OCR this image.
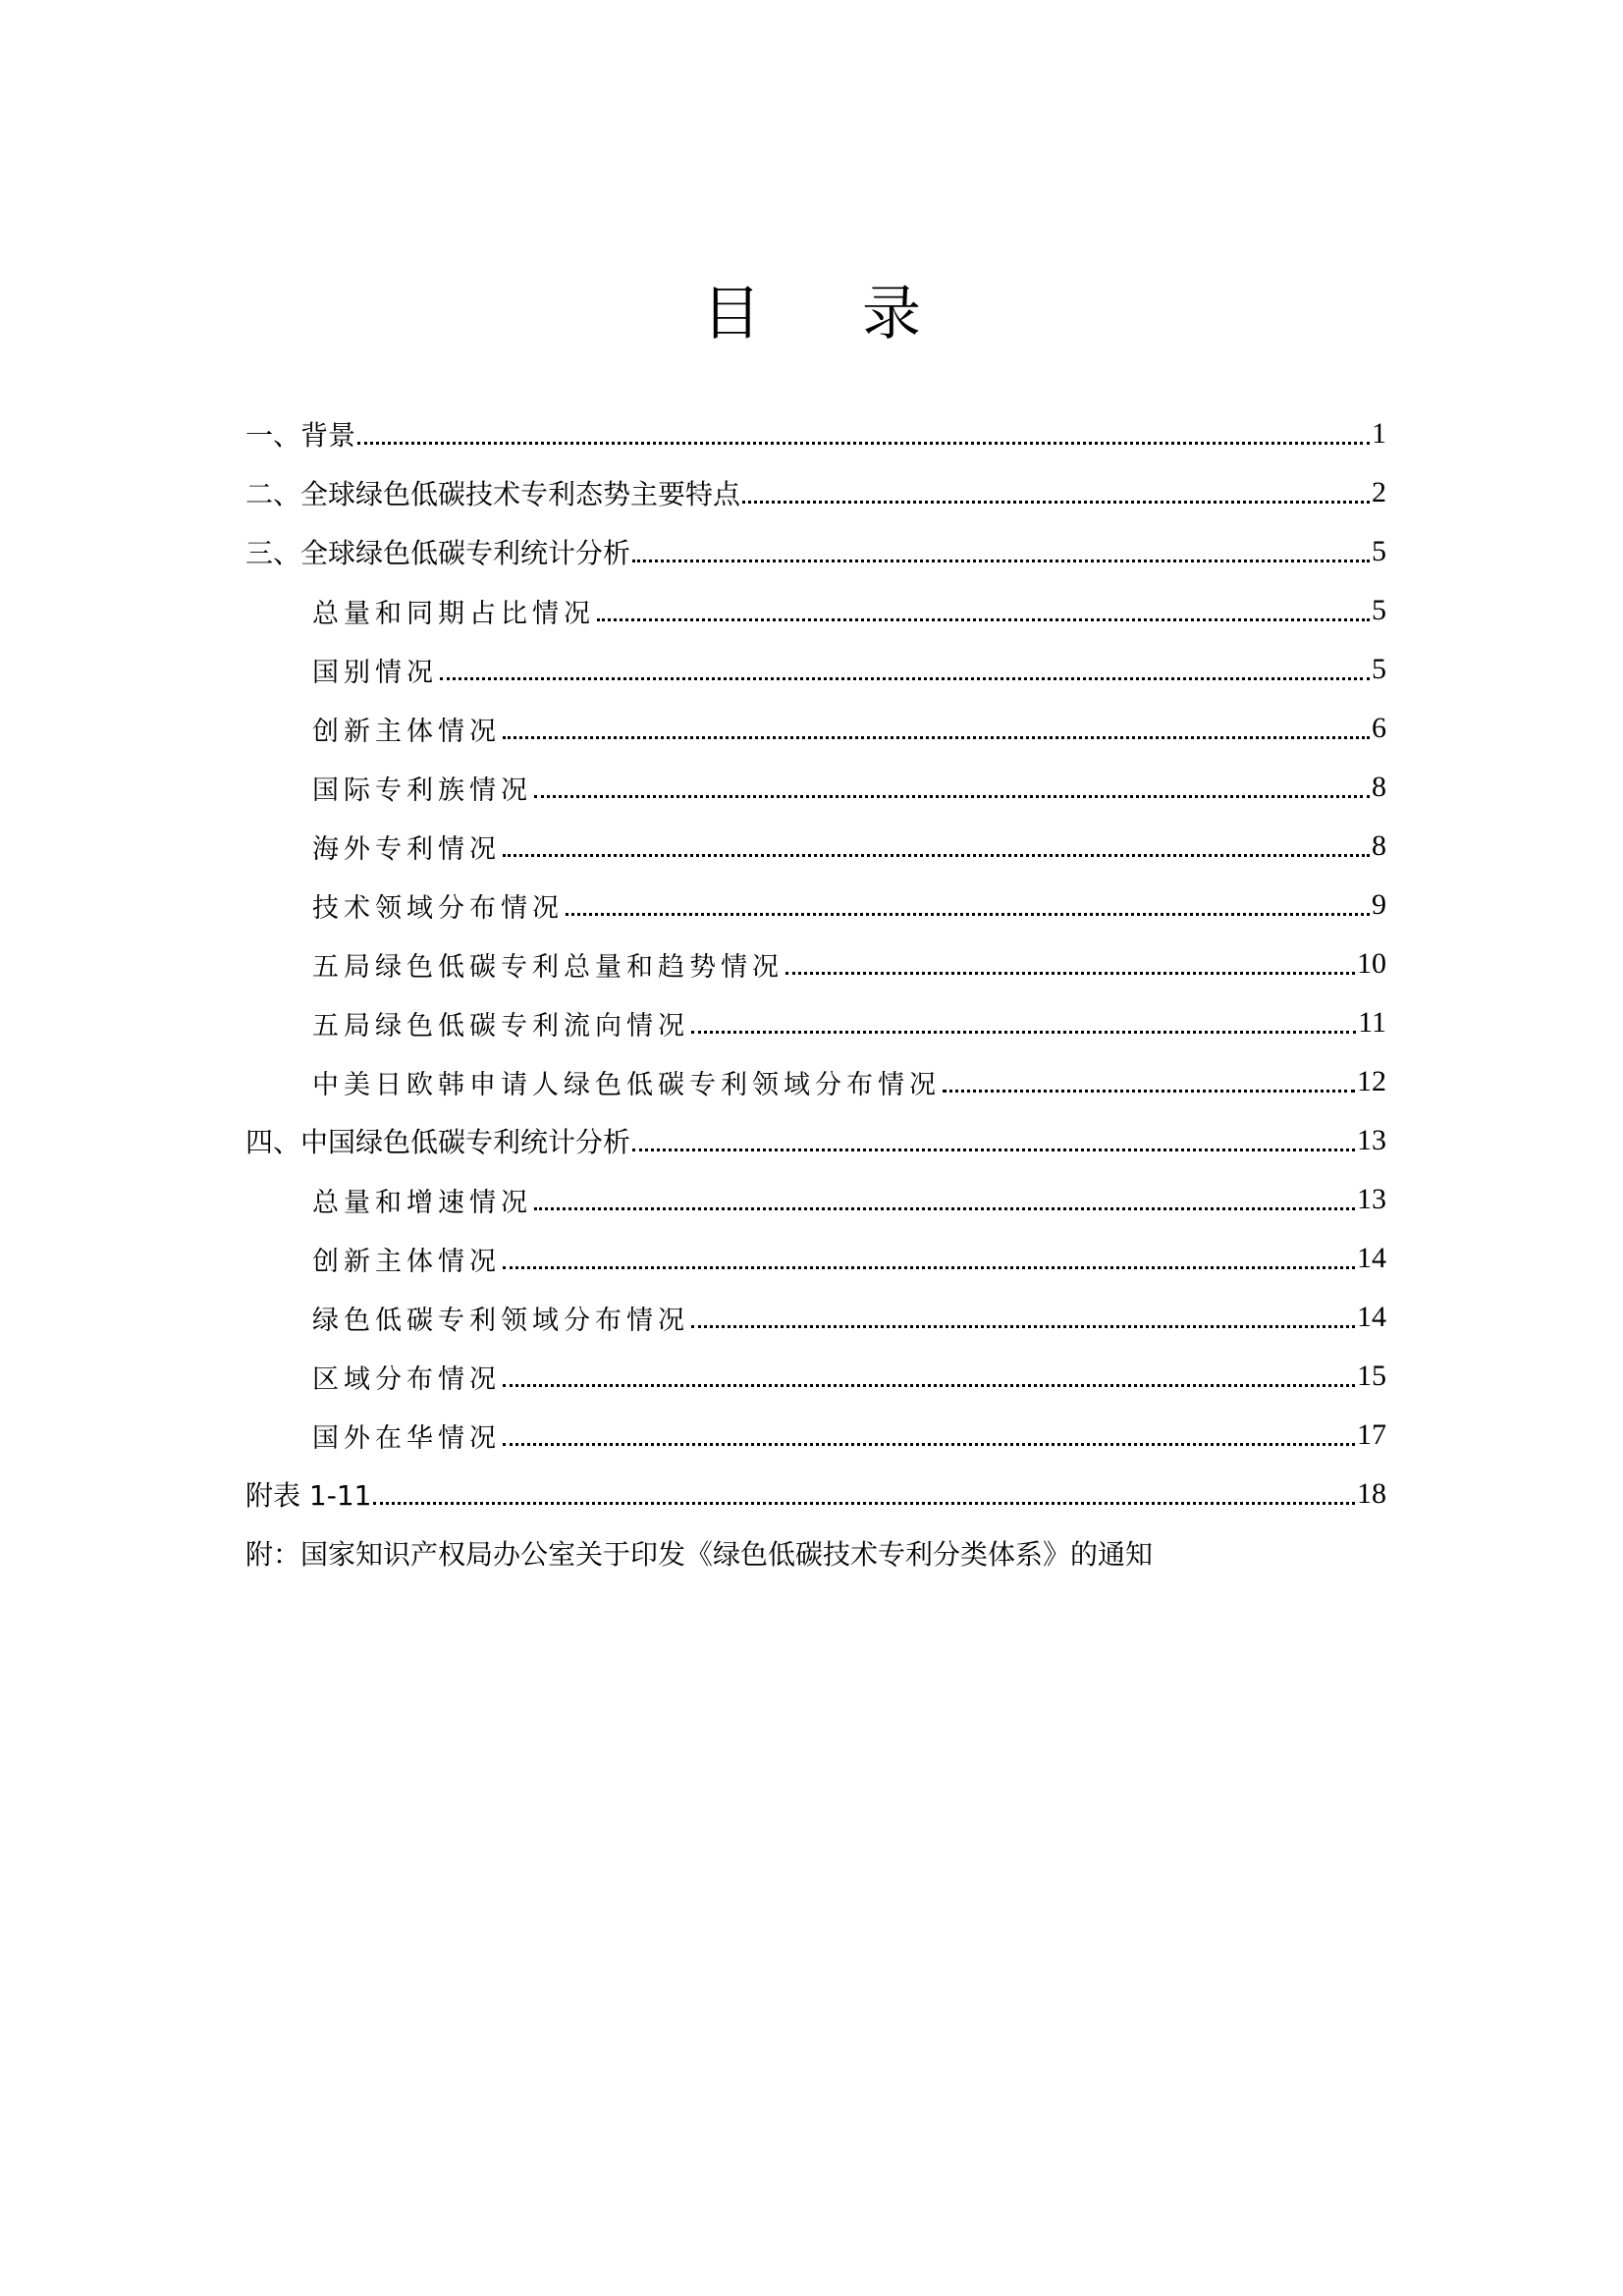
目 录
一、背景	1
二、全球绿色低碳技术专利态势主要特点	2
三、全球绿色低碳专利统计分析	5
总量和同期占比情况	5
国别情况	5
创新主体情况	6
国际专利族情况	8
海外专利情况	8
技术领域分布情况	9
五局绿色低碳专利总量和趋势情况	10
五局绿色低碳专利流向情况	11
中美日欧韩申请人绿色低碳专利领域分布情况	12
四、中国绿色低碳专利统计分析	13
总量和增速情况	13
创新主体情况	14
绿色低碳专利领域分布情况	14
区域分布情况	15
国外在华情况	17
附表 1-11	18
附：国家知识产权局办公室关于印发《绿色低碳技术专利分类体系》的通知
